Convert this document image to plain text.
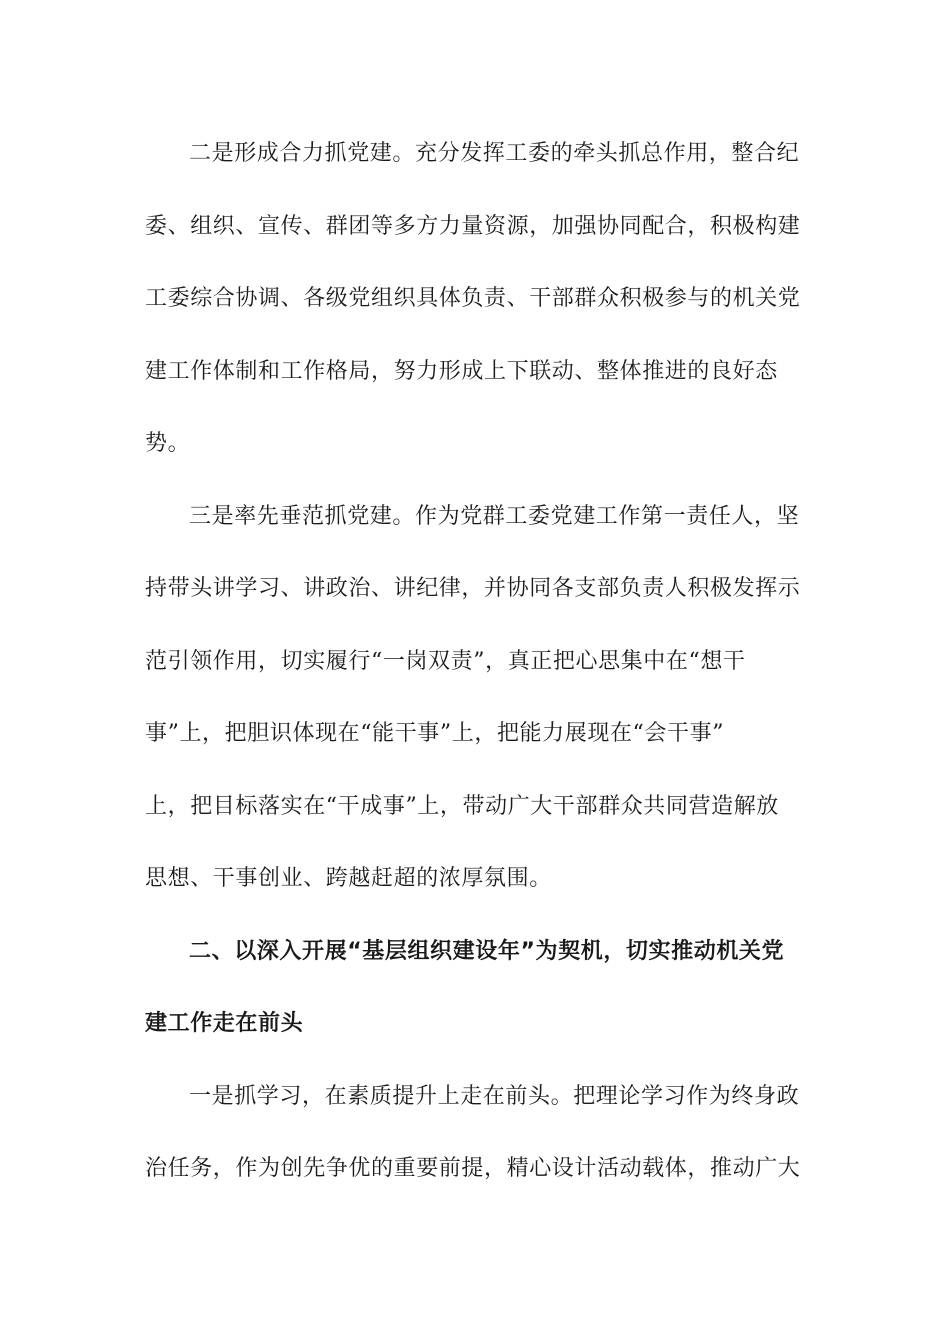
二是形成合力抓党建。充分发挥工委的牵头抓总作用，整合纪
委、组织、宣传、群团等多方力量资源，加强协同配合，积极构建
工委综合协调、各级党组织具体负责、干部群众积极参与的机关党
建工作体制和工作格局，努力形成上下联动、整体推进的良好态
势。
三是率先垂范抓党建。作为党群工委党建工作第一责任人，坚
持带头讲学习、讲政治、讲纪律，并协同各支部负责人积极发挥示
范引领作用，切实履行“一岗双责”，真正把心思集中在“想干
事”上，把胆识体现在“能干事”上，把能力展现在“会干事”
上，把目标落实在“干成事”上，带动广大干部群众共同营造解放
思想、干事创业、跨越赶超的浓厚氛围。
二、以深入开展“基层组织建设年”为契机，切实推动机关党
建工作走在前头
一是抓学习，在素质提升上走在前头。把理论学习作为终身政
治任务，作为创先争优的重要前提，精心设计活动载体，推动广大
